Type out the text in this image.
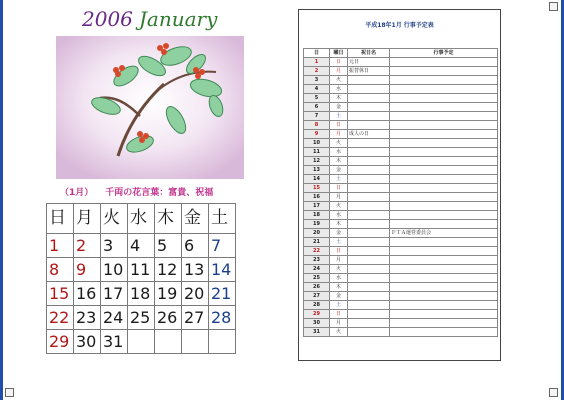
2006 January
（1月） 千両の花言葉：富貴、祝福
日	月	火	水	木	金	土
1	2	3	4	5	6	7
8	9	10	11	12	13	14
15	16	17	18	19	20	21
22	23	24	25	26	27	28
29	30	31				
平成18年1月 行事予定表
日	曜日	祝日名	行事予定
1	日	元日	
2	月	振替休日	
3	火		
4	水		
5	木		
6	金		
7	土		
8	日		
9	月	成人の日	
10	火		
11	水		
12	木		
13	金		
14	土		
15	日		
16	月		
17	火		
18	水		
19	木		
20	金		ＰＴＡ運営委員会
21	土		
22	日		
23	月		
24	火		
25	水		
26	木		
27	金		
28	土		
29	日		
30	月		
31	火		
